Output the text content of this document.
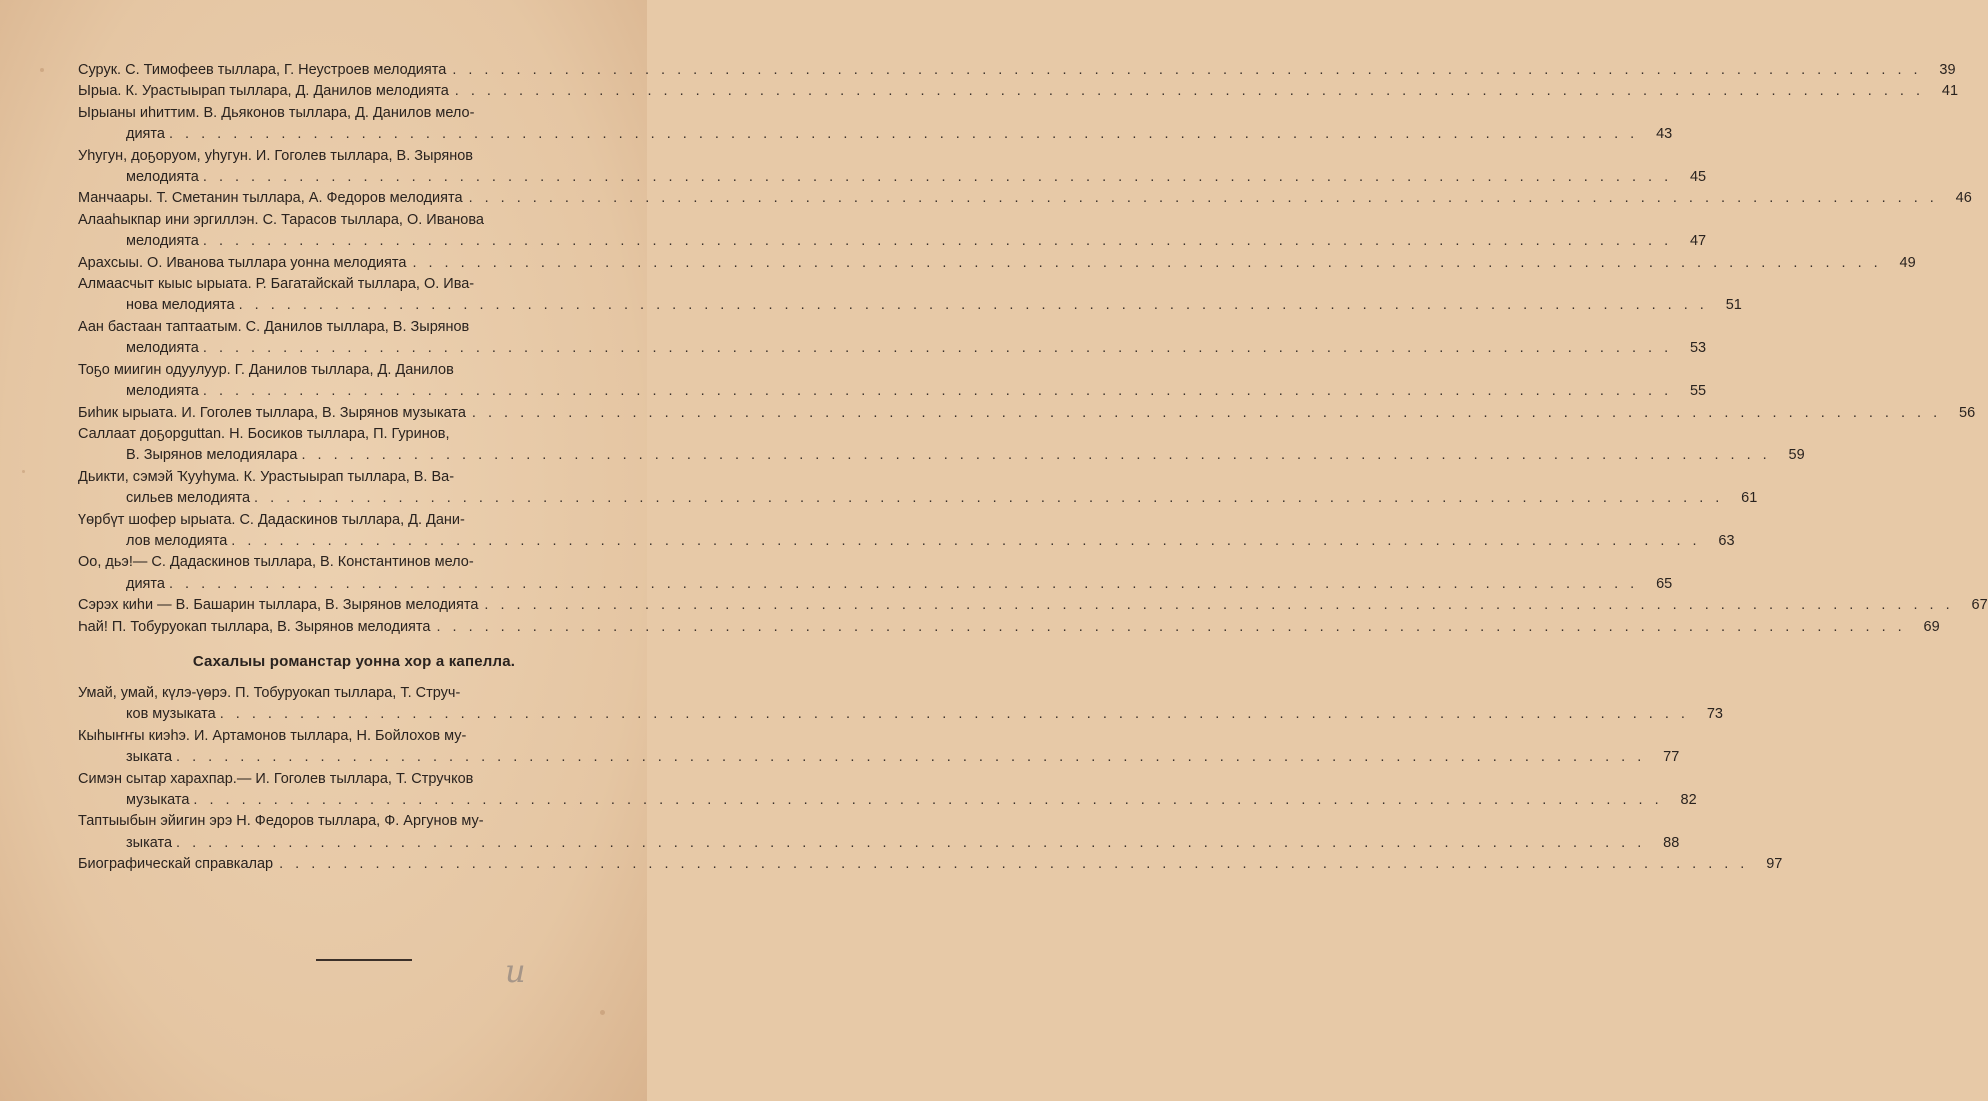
Сурук. С. Тимофеев тыллара, Г. Неустроев мелодията . . .	39
Ырыа. К. Урастыырап тыллара, Д. Данилов мелодията . . .	41
Ырыаны иһиттим. В. Дьяконов тыллара, Д. Данилов мело-
дията . . .	43
Уһугун, доҕоруом, уһугун. И. Гоголев тыллара, В. Зырянов
мелодията . . .	45
Манчаары. Т. Сметанин тыллара, А. Федоров мелодията . . .	46
Алааһыкпар ини эргиллэн. С. Тарасов тыллара, О. Иванова
мелодията . . .	47
Арахсыы. О. Иванова тыллара уонна мелодията . . .	49
Алмаасчыт кыыс ырыата. Р. Багатайскай тыллара, О. Ива-
нова мелодията . . .	51
Аан бастаан таптаатым. С. Данилов тыллара, В. Зырянов
мелодията . . .	53
Тоҕо миигин одуулуур. Г. Данилов тыллара, Д. Данилов
мелодията . . .	55
Биһик ырыата. И. Гоголев тыллара, В. Зырянов музыката . . .	56
Саллаат доҕорguttan. Н. Босиков тыллара, П. Гуринов,
В. Зырянов мелодиялара . . .	59
Дьикти, сэмэй Ҡууһума. К. Урастыырап тыллара, В. Ва-
сильев мелодията . . .	61
Үөрбүт шофер ырыата. С. Дадаскинов тыллара, Д. Дани-
лов мелодията . . .	63
Оо, дьэ!— С. Дадаскинов тыллара, В. Константинов мело-
дията . . .	65
Сэрэх киһи — В. Башарин тыллара, В. Зырянов мелодията . . .	67
Һай! П. Тобуруокап тыллара, В. Зырянов мелодията . . .	69
Сахалыы романстар уонна хор а капелла.
Умай, умай, күлэ-үөрэ. П. Тобуруокап тыллара, Т. Струч-
ков музыката . . .	73
Кыһыҥҥы киэһэ. И. Артамонов тыллара, Н. Бойлохов му-
зыката . . .	77
Симэн сытар харахпар.— И. Гоголев тыллара, Т. Стручков
музыката . . .	82
Таптыыбын эйигин эрэ Н. Федоров тыллара, Ф. Аргунов му-
зыката . . .	88
Биографическай справкалар . . .	97
и
